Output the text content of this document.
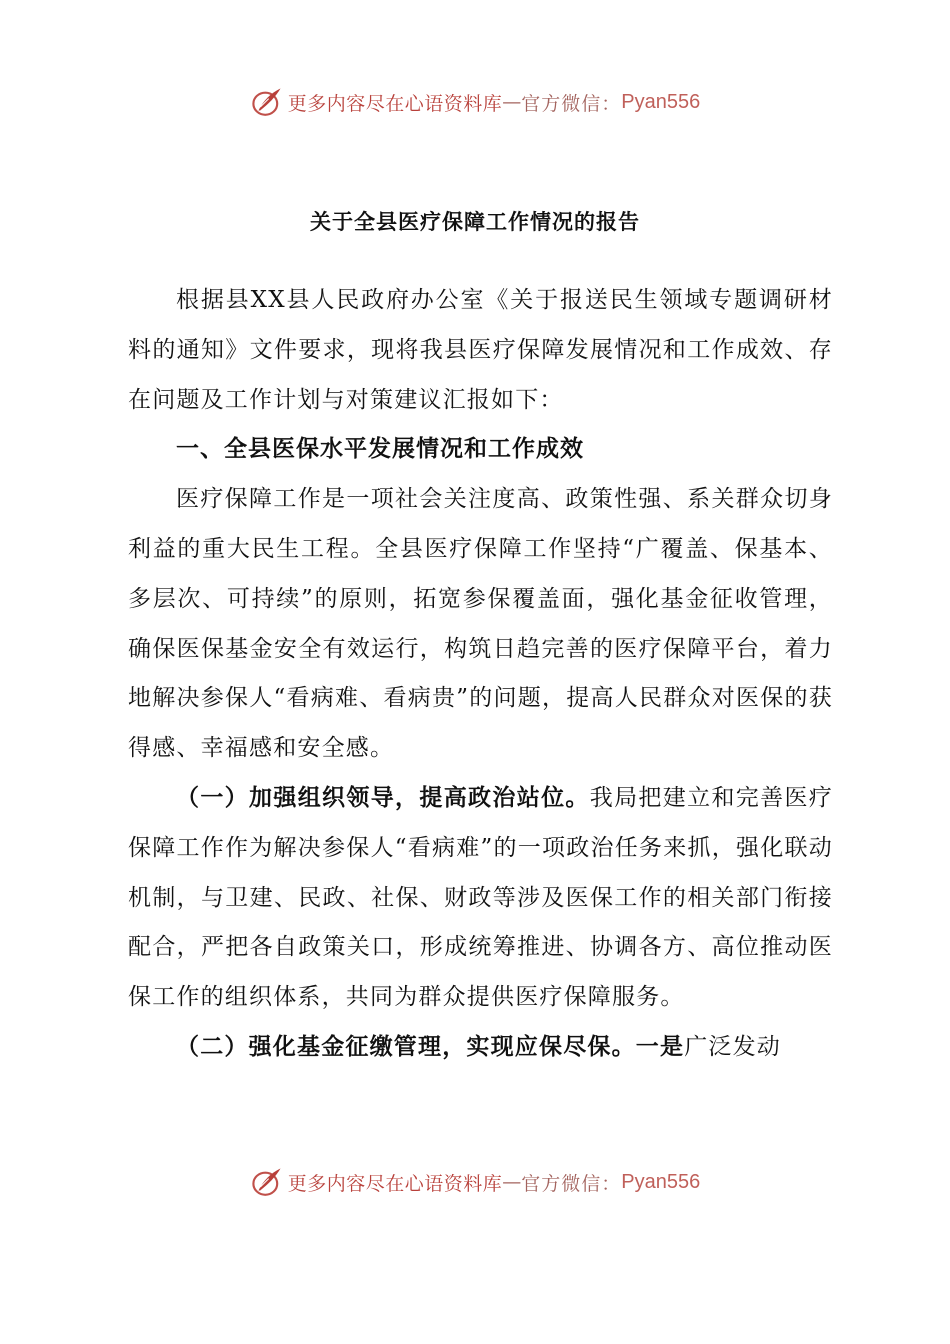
更多内容尽在心语资料库 — 官方微信： Pyan556
关于全县医疗保障工作情况的报告

根据县XX县人民政府办公室《关于报送民生领域专题调研材料的通知》文件要求，现将我县医疗保障发展情况和工作成效、存在问题及工作计划与对策建议汇报如下：

一、全县医保水平发展情况和工作成效

医疗保障工作是一项社会关注度高、政策性强、系关群众切身利益的重大民生工程。全县医疗保障工作坚持“广覆盖、保基本、多层次、可持续”的原则，拓宽参保覆盖面，强化基金征收管理，确保医保基金安全有效运行，构筑日趋完善的医疗保障平台，着力地解决参保人“看病难、看病贵”的问题，提高人民群众对医保的获得感、幸福感和安全感。

（一）加强组织领导，提高政治站位。我局把建立和完善医疗保障工作作为解决参保人“看病难”的一项政治任务来抓，强化联动机制，与卫建、民政、社保、财政等涉及医保工作的相关部门衔接配合，严把各自政策关口，形成统筹推进、协调各方、高位推动医保工作的组织体系，共同为群众提供医疗保障服务。

（二）强化基金征缴管理，实现应保尽保。一是广泛发动

更多内容尽在心语资料库 — 官方微信： Pyan556
